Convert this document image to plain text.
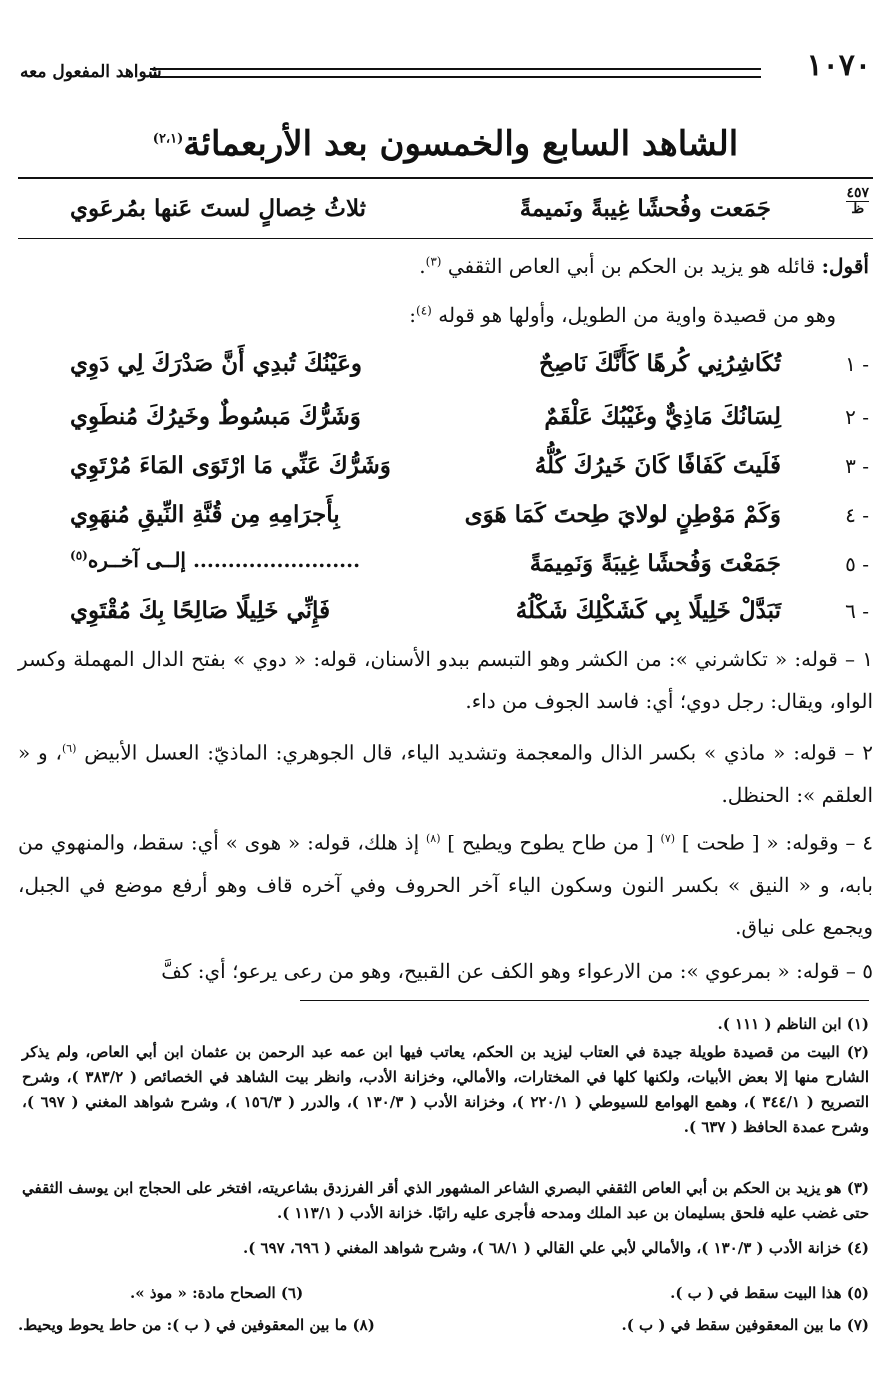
١٠٧٠
شواهد المفعول معه
الشاهد السابع والخمسون بعد الأربعمائة$^{(٢،١)}$
٤٥٧
ظ
جَمَعت وفُحشًا غِيبةً ونَميمةً
ثلاثُ خِصالٍ لستَ عَنها بمُرعَوي
أقول: قائله هو يزيد بن الحكم بن أبي العاص الثقفي $^{(٣)}$.
وهو من قصيدة واوية من الطويل، وأولها هو قوله $^{(٤)}$:
١ -
تُكَاشِرُنِي كُرهًا كَأَنَّكَ نَاصِحٌ
وعَيْنُكَ تُبدِي أَنَّ صَدْرَكَ لِي دَوِي
٢ -
لِسَانُكَ مَاذِيٌّ وغَيْبُكَ عَلْقَمٌ
وَشَرُّكَ مَبسُوطٌ وخَيرُكَ مُنطَوِي
٣ -
فَلَيتَ كَفَافًا كَانَ خَيرُكَ كُلُّهُ
وَشَرُّكَ عَنِّي مَا ارْتَوَى المَاءَ مُرْتَوِي
٤ -
وَكَمْ مَوْطِنٍ لولايَ طِحتَ كَمَا هَوَى
بِأَجرَامِهِ مِن قُنَّةِ النِّيقِ مُنهَوِي
٥ -
جَمَعْتَ وَفُحشًا غِيبَةً وَنَمِيمَةً
........................ إلــى آخــره$^{(٥)}$
٦ -
تَبَدَّلْ خَلِيلًا بِي كَشَكْلِكَ شَكْلُهُ
فَإِنِّي خَلِيلًا صَالِحًا بِكَ مُقْتَوِي
١ – قوله: « تكاشرني »: من الكشر وهو التبسم ببدو الأسنان، قوله: « دوي » بفتح الدال المهملة وكسر الواو، ويقال: رجل دوي؛ أي: فاسد الجوف من داء.
٢ – قوله: « ماذي » بكسر الذال والمعجمة وتشديد الياء، قال الجوهري: الماذيّ: العسل الأبيض $^{(٦)}$، و « العلقم »: الحنظل.
٤ – وقوله: « [ طحت ] $^{(٧)}$ [ من طاح يطوح ويطيح ] $^{(٨)}$ إذ هلك، قوله: « هوى » أي: سقط، والمنهوي من بابه، و « النيق » بكسر النون وسكون الياء آخر الحروف وفي آخره قاف وهو أرفع موضع في الجبل، ويجمع على نياق.
٥ – قوله: « بمرعوي »: من الارعواء وهو الكف عن القبيح، وهو من رعى يرعو؛ أي: كفَّ
(١) ابن الناظم ( ١١١ ).
(٢) البيت من قصيدة طويلة جيدة في العتاب ليزيد بن الحكم، يعاتب فيها ابن عمه عبد الرحمن بن عثمان ابن أبي العاص، ولم يذكر الشارح منها إلا بعض الأبيات، ولكنها كلها في المختارات، والأمالي، وخزانة الأدب، وانظر بيت الشاهد في الخصائص ( ٣٨٣/٢ )، وشرح التصريح ( ٣٤٤/١ )، وهمع الهوامع للسيوطي ( ٢٢٠/١ )، وخزانة الأدب ( ١٣٠/٣ )، والدرر ( ١٥٦/٣ )، وشرح شواهد المغني ( ٦٩٧ )، وشرح عمدة الحافظ ( ٦٣٧ ).
(٣) هو يزيد بن الحكم بن أبي العاص الثقفي البصري الشاعر المشهور الذي أقر الفرزدق بشاعريته، افتخر على الحجاج ابن يوسف الثقفي حتى غضب عليه فلحق بسليمان بن عبد الملك ومدحه فأجرى عليه راتبًا. خزانة الأدب ( ١١٣/١ ).
(٤) خزانة الأدب ( ١٣٠/٣ )، والأمالي لأبي علي القالي ( ٦٨/١ )، وشرح شواهد المغني ( ٦٩٦، ٦٩٧ ).
(٥) هذا البيت سقط في ( ب ).
(٦) الصحاح مادة: « موذ ».
(٧) ما بين المعقوفين سقط في ( ب ).
(٨) ما بين المعقوفين في ( ب ): من حاط يحوط ويحيط.
